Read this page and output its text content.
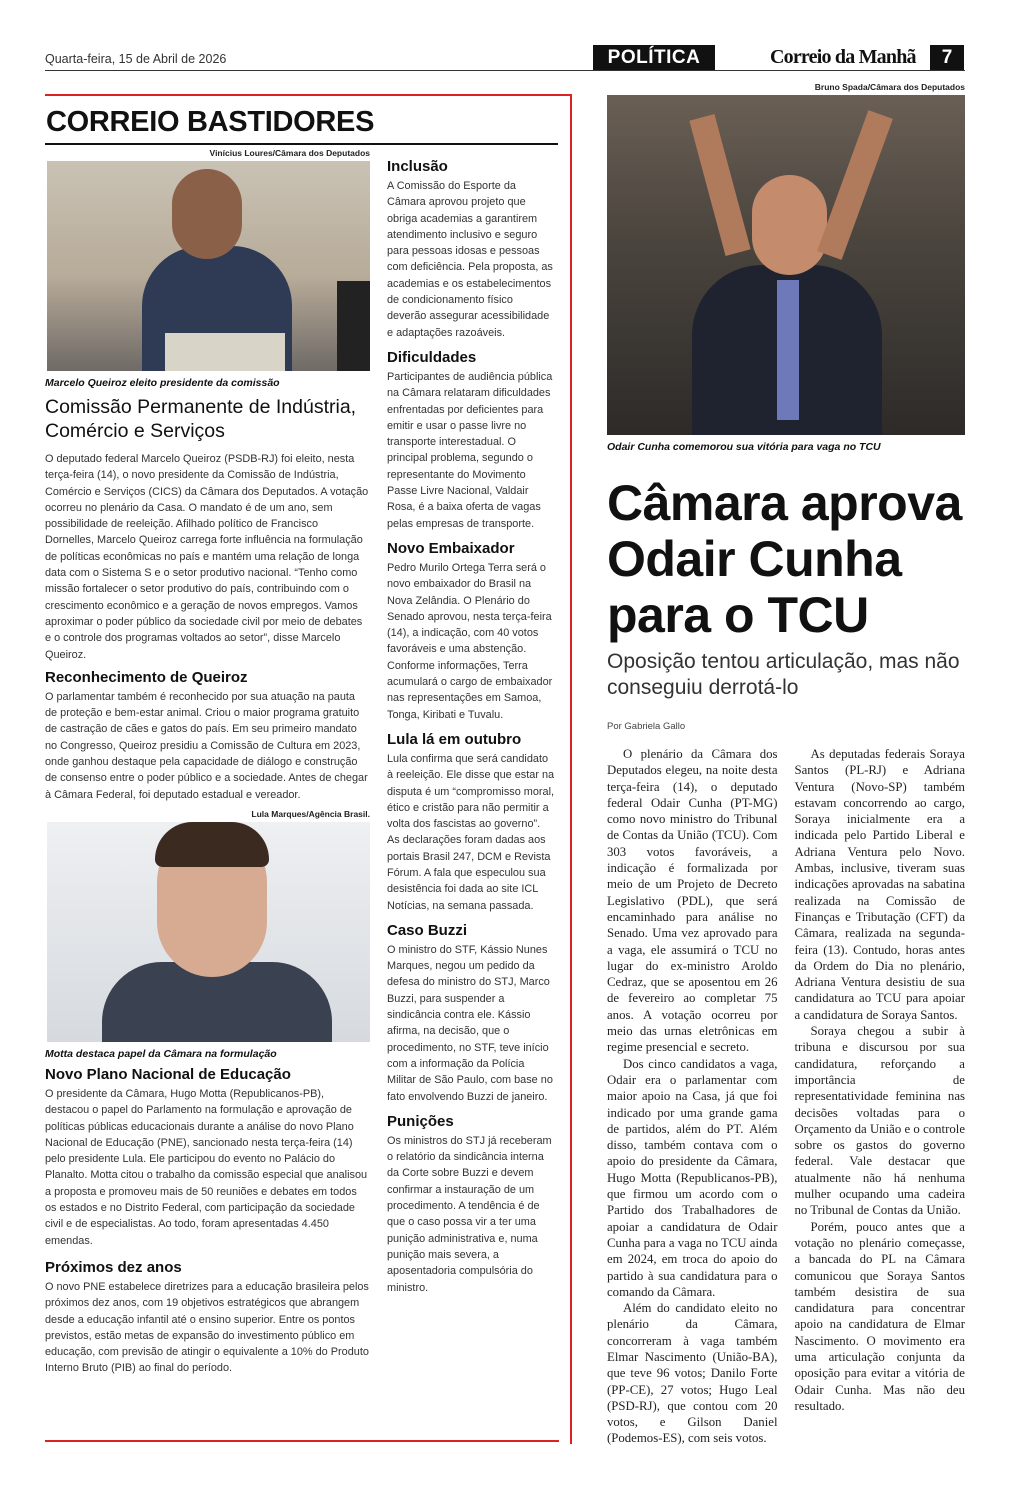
Quarta-feira, 15 de Abril de 2026	POLÍTICA	Correio da Manhã	7
CORREIO BASTIDORES
Vinícius Loures/Câmara dos Deputados
Marcelo Queiroz eleito presidente da comissão
Comissão Permanente de Indústria, Comércio e Serviços
O deputado federal Marcelo Queiroz (PSDB-RJ) foi eleito, nesta terça-feira (14), o novo presidente da Comissão de Indústria, Comércio e Serviços (CICS) da Câmara dos Deputados. A votação ocorreu no plenário da Casa. O mandato é de um ano, sem possibilidade de reeleição. Afilhado político de Francisco Dornelles, Marcelo Queiroz carrega forte influência na formulação de políticas econômicas no país e mantém uma relação de longa data com o Sistema S e o setor produtivo nacional. “Tenho como missão fortalecer o setor produtivo do país, contribuindo com o crescimento econômico e a geração de novos empregos. Vamos aproximar o poder público da sociedade civil por meio de debates e o controle dos programas voltados ao setor”, disse Marcelo Queiroz.
Reconhecimento de Queiroz
O parlamentar também é reconhecido por sua atuação na pauta de proteção e bem-estar animal. Criou o maior programa gratuito de castração de cães e gatos do país. Em seu primeiro mandato no Congresso, Queiroz presidiu a Comissão de Cultura em 2023, onde ganhou destaque pela capacidade de diálogo e construção de consenso entre o poder público e a sociedade. Antes de chegar à Câmara Federal, foi deputado estadual e vereador.
Lula Marques/Agência Brasil.
Motta destaca papel da Câmara na formulação
Novo Plano Nacional de Educação
O presidente da Câmara, Hugo Motta (Republicanos-PB), destacou o papel do Parlamento na formulação e aprovação de políticas públicas educacionais durante a análise do novo Plano Nacional de Educação (PNE), sancionado nesta terça-feira (14) pelo presidente Lula. Ele participou do evento no Palácio do Planalto. Motta citou o trabalho da comissão especial que analisou a proposta e promoveu mais de 50 reuniões e debates em todos os estados e no Distrito Federal, com participação da sociedade civil e de especialistas. Ao todo, foram apresentadas 4.450 emendas.
Próximos dez anos
O novo PNE estabelece diretrizes para a educação brasileira pelos próximos dez anos, com 19 objetivos estratégicos que abrangem desde a educação infantil até o ensino superior. Entre os pontos previstos, estão metas de expansão do investimento público em educação, com previsão de atingir o equivalente a 10% do Produto Interno Bruto (PIB) ao final do período.
Inclusão
A Comissão do Esporte da Câmara aprovou projeto que obriga academias a garantirem atendimento inclusivo e seguro para pessoas idosas e pessoas com deficiência. Pela proposta, as academias e os estabelecimentos de condicionamento físico deverão assegurar acessibilidade e adaptações razoáveis.
Dificuldades
Participantes de audiência pública na Câmara relataram dificuldades enfrentadas por deficientes para emitir e usar o passe livre no transporte interestadual. O principal problema, segundo o representante do Movimento Passe Livre Nacional, Valdair Rosa, é a baixa oferta de vagas pelas empresas de transporte.
Novo Embaixador
Pedro Murilo Ortega Terra será o novo embaixador do Brasil na Nova Zelândia. O Plenário do Senado aprovou, nesta terça-feira (14), a indicação, com 40 votos favoráveis e uma abstenção. Conforme informações, Terra acumulará o cargo de embaixador nas representações em Samoa, Tonga, Kiribati e Tuvalu.
Lula lá em outubro
Lula confirma que será candidato à reeleição. Ele disse que estar na disputa é um “compromisso moral, ético e cristão para não permitir a volta dos fascistas ao governo”. As declarações foram dadas aos portais Brasil 247, DCM e Revista Fórum. A fala que especulou sua desistência foi dada ao site ICL Notícias, na semana passada.
Caso Buzzi
O ministro do STF, Kássio Nunes Marques, negou um pedido da defesa do ministro do STJ, Marco Buzzi, para suspender a sindicância contra ele. Kássio afirma, na decisão, que o procedimento, no STF, teve início com a informação da Polícia Militar de São Paulo, com base no fato envolvendo Buzzi de janeiro.
Punições
Os ministros do STJ já receberam o relatório da sindicância interna da Corte sobre Buzzi e devem confirmar a instauração de um procedimento. A tendência é de que o caso possa vir a ter uma punição administrativa e, numa punição mais severa, a aposentadoria compulsória do ministro.
Bruno Spada/Câmara dos Deputados
Odair Cunha comemorou sua vitória para vaga no TCU
Câmara aprova Odair Cunha para o TCU
Oposição tentou articulação, mas não conseguiu derrotá-lo
Por Gabriela Gallo

O plenário da Câmara dos Deputados elegeu, na noite desta terça-feira (14), o deputado federal Odair Cunha (PT-MG) como novo ministro do Tribunal de Contas da União (TCU). Com 303 votos favoráveis, a indicação é formalizada por meio de um Projeto de Decreto Legislativo (PDL), que será encaminhado para análise no Senado. Uma vez aprovado para a vaga, ele assumirá o TCU no lugar do ex-ministro Aroldo Cedraz, que se aposentou em 26 de fevereiro ao completar 75 anos. A votação ocorreu por meio das urnas eletrônicas em regime presencial e secreto.

Dos cinco candidatos a vaga, Odair era o parlamentar com maior apoio na Casa, já que foi indicado por uma grande gama de partidos, além do PT. Além disso, também contava com o apoio do presidente da Câmara, Hugo Motta (Republicanos-PB), que firmou um acordo com o Partido dos Trabalhadores de apoiar a candidatura de Odair Cunha para a vaga no TCU ainda em 2024, em troca do apoio do partido à sua candidatura para o comando da Câmara.

Além do candidato eleito no plenário da Câmara, concorreram à vaga também Elmar Nascimento (União-BA), que teve 96 votos; Danilo Forte (PP-CE), 27 votos; Hugo Leal (PSD-RJ), que contou com 20 votos, e Gilson Daniel (Podemos-ES), com seis votos.

As deputadas federais Soraya Santos (PL-RJ) e Adriana Ventura (Novo-SP) também estavam concorrendo ao cargo, Soraya inicialmente era a indicada pelo Partido Liberal e Adriana Ventura pelo Novo. Ambas, inclusive, tiveram suas indicações aprovadas na sabatina realizada na Comissão de Finanças e Tributação (CFT) da Câmara, realizada na segunda-feira (13). Contudo, horas antes da Ordem do Dia no plenário, Adriana Ventura desistiu de sua candidatura ao TCU para apoiar a candidatura de Soraya Santos.

Soraya chegou a subir à tribuna e discursou por sua candidatura, reforçando a importância de representatividade feminina nas decisões voltadas para o Orçamento da União e o controle sobre os gastos do governo federal. Vale destacar que atualmente não há nenhuma mulher ocupando uma cadeira no Tribunal de Contas da União.

Porém, pouco antes que a votação no plenário começasse, a bancada do PL na Câmara comunicou que Soraya Santos também desistira de sua candidatura para concentrar apoio na candidatura de Elmar Nascimento. O movimento era uma articulação conjunta da oposição para evitar a vitória de Odair Cunha. Mas não deu resultado.
